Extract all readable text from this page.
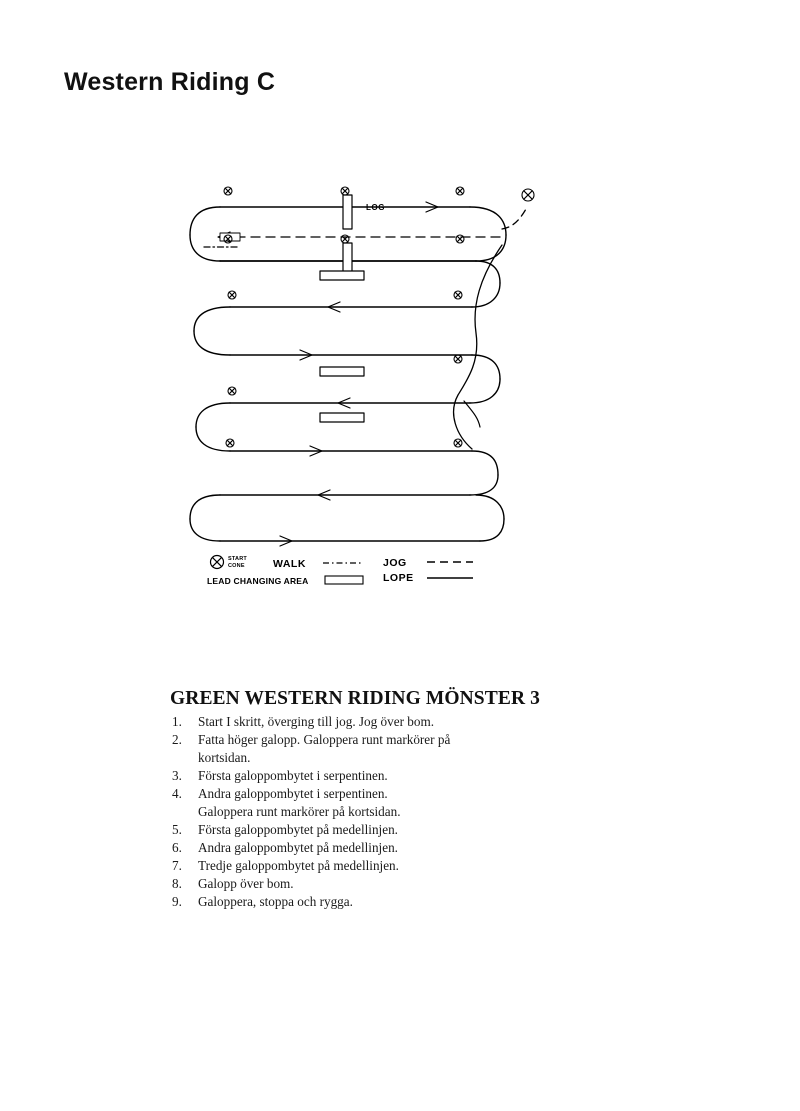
Western Riding C
LOG
START
CONE	WALK	JOG
LOPE
LEAD CHANGING AREA
GREEN WESTERN RIDING MÖNSTER 3
1.	Start I skritt, överging till jog. Jog över bom.
2.	Fatta höger galopp. Galoppera runt markörer på
kortsidan.
3.	Första galoppombytet i serpentinen.
4.	Andra galoppombytet i serpentinen.
Galoppera runt markörer på kortsidan.
5.	Första galoppombytet på medellinjen.
6.	Andra galoppombytet på medellinjen.
7.	Tredje galoppombytet på medellinjen.
8.	Galopp över bom.
9.	Galoppera, stoppa och rygga.
